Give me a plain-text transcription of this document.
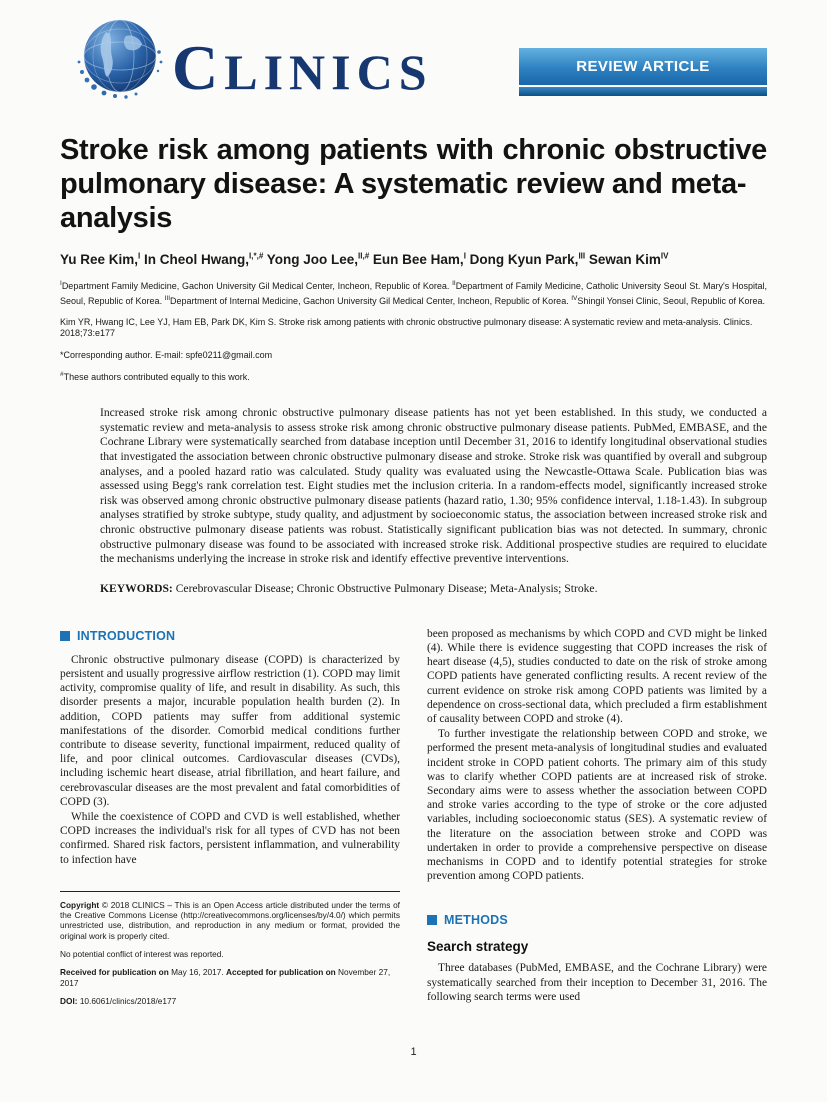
CLINICS	REVIEW ARTICLE
Stroke risk among patients with chronic obstructive
pulmonary disease: A systematic review and meta-analysis

Yu Ree Kim,$^I$ In Cheol Hwang,$^{I,*,\#}$ Yong Joo Lee,$^{II,\#}$ Eun Bee Ham,$^I$ Dong Kyun Park,$^{III}$ Sewan Kim$^{IV}$

$^I$Department Family Medicine, Gachon University Gil Medical Center, Incheon, Republic of Korea. $^{II}$Department of Family Medicine, Catholic University Seoul St. Mary's Hospital, Seoul, Republic of Korea. $^{III}$Department of Internal Medicine, Gachon University Gil Medical Center, Incheon, Republic of Korea. $^{IV}$Shingil Yonsei Clinic, Seoul, Republic of Korea.

Kim YR, Hwang IC, Lee YJ, Ham EB, Park DK, Kim S. Stroke risk among patients with chronic obstructive pulmonary disease: A systematic review and meta-analysis. Clinics. 2018;73:e177

*Corresponding author. E-mail: spfe0211@gmail.com

#These authors contributed equally to this work.

Increased stroke risk among chronic obstructive pulmonary disease patients has not yet been established. In this study, we conducted a systematic review and meta-analysis to assess stroke risk among chronic obstructive pulmonary disease patients. PubMed, EMBASE, and the Cochrane Library were systematically searched from database inception until December 31, 2016 to identify longitudinal observational studies that investigated the association between chronic obstructive pulmonary disease and stroke. Stroke risk was quantified by overall and subgroup analyses, and a pooled hazard ratio was calculated. Study quality was evaluated using the Newcastle-Ottawa Scale. Publication bias was assessed using Begg's rank correlation test. Eight studies met the inclusion criteria. In a random-effects model, significantly increased stroke risk was observed among chronic obstructive pulmonary disease patients (hazard ratio, 1.30; 95% confidence interval, 1.18-1.43). In subgroup analyses stratified by stroke subtype, study quality, and adjustment by socioeconomic status, the association between increased stroke risk and chronic obstructive pulmonary disease patients was robust. Statistically significant publication bias was not detected. In summary, chronic obstructive pulmonary disease was found to be associated with increased stroke risk. Additional prospective studies are required to elucidate the mechanisms underlying the increase in stroke risk and identify effective preventive interventions.

KEYWORDS: Cerebrovascular Disease; Chronic Obstructive Pulmonary Disease; Meta-Analysis; Stroke.

INTRODUCTION

Chronic obstructive pulmonary disease (COPD) is characterized by persistent and usually progressive airflow restriction (1). COPD may limit activity, compromise quality of life, and result in disability. As such, this disorder presents a major, incurable population health burden (2). In addition, COPD patients may suffer from additional systemic manifestations of the disorder. Comorbid medical conditions further contribute to disease severity, functional impairment, reduced quality of life, and poor clinical outcomes. Cardiovascular diseases (CVDs), including ischemic heart disease, atrial fibrillation, and heart failure, and cerebrovascular diseases are the most prevalent and fatal comorbidities of COPD (3).

While the coexistence of COPD and CVD is well established, whether COPD increases the individual's risk for all types of CVD has not been confirmed. Shared risk factors, persistent inflammation, and vulnerability to infection have

Copyright © 2018 CLINICS – This is an Open Access article distributed under the terms of the Creative Commons License (http://creativecommons.org/licenses/by/4.0/) which permits unrestricted use, distribution, and reproduction in any medium or format, provided the original work is properly cited.

No potential conflict of interest was reported.

Received for publication on May 16, 2017. Accepted for publication on November 27, 2017

DOI: 10.6061/clinics/2018/e177

been proposed as mechanisms by which COPD and CVD might be linked (4). While there is evidence suggesting that COPD increases the risk of heart disease (4,5), studies conducted to date on the risk of stroke among COPD patients have generated conflicting results. A recent review of the current evidence on stroke risk among COPD patients was limited by a dependence on cross-sectional data, which precluded a firm establishment of causality between COPD and stroke (4).

To further investigate the relationship between COPD and stroke, we performed the present meta-analysis of longitudinal studies and evaluated incident stroke in COPD patient cohorts. The primary aim of this study was to clarify whether COPD patients are at increased risk of stroke. Secondary aims were to assess whether the association between COPD and stroke varies according to the type of stroke or the core adjusted variables, including socioeconomic status (SES). A systematic review of the literature on the association between stroke and COPD was undertaken in order to provide a comprehensive perspective on disease mechanisms in COPD and to identify potential strategies for stroke prevention among COPD patients.

METHODS
Search strategy

Three databases (PubMed, EMBASE, and the Cochrane Library) were systematically searched from their inception to December 31, 2016. The following search terms were used

1
